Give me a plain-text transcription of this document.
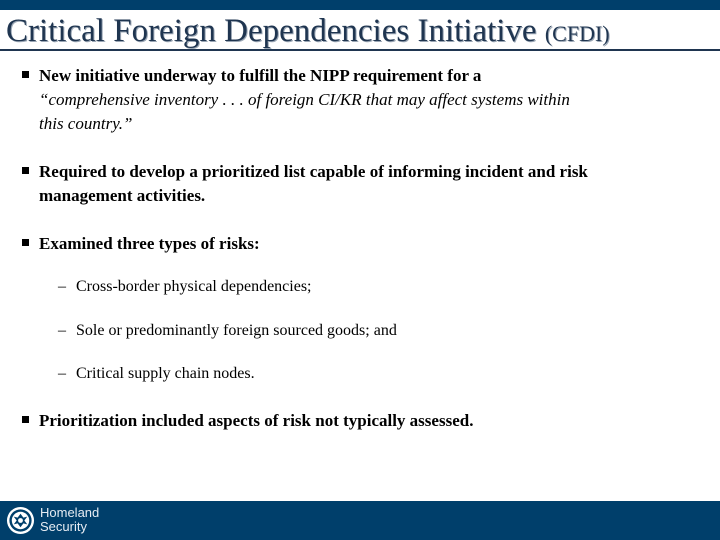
Critical Foreign Dependencies Initiative (CFDI)
New initiative underway to fulfill the NIPP requirement for a
“comprehensive inventory . . . of foreign CI/KR that may affect systems within
this country.”
Required to develop a prioritized list capable of informing incident and risk
management activities.
Examined three types of risks:
– Cross-border physical dependencies;
– Sole or predominantly foreign sourced goods; and
– Critical supply chain nodes.
Prioritization included aspects of risk not typically assessed.
Homeland
Security
